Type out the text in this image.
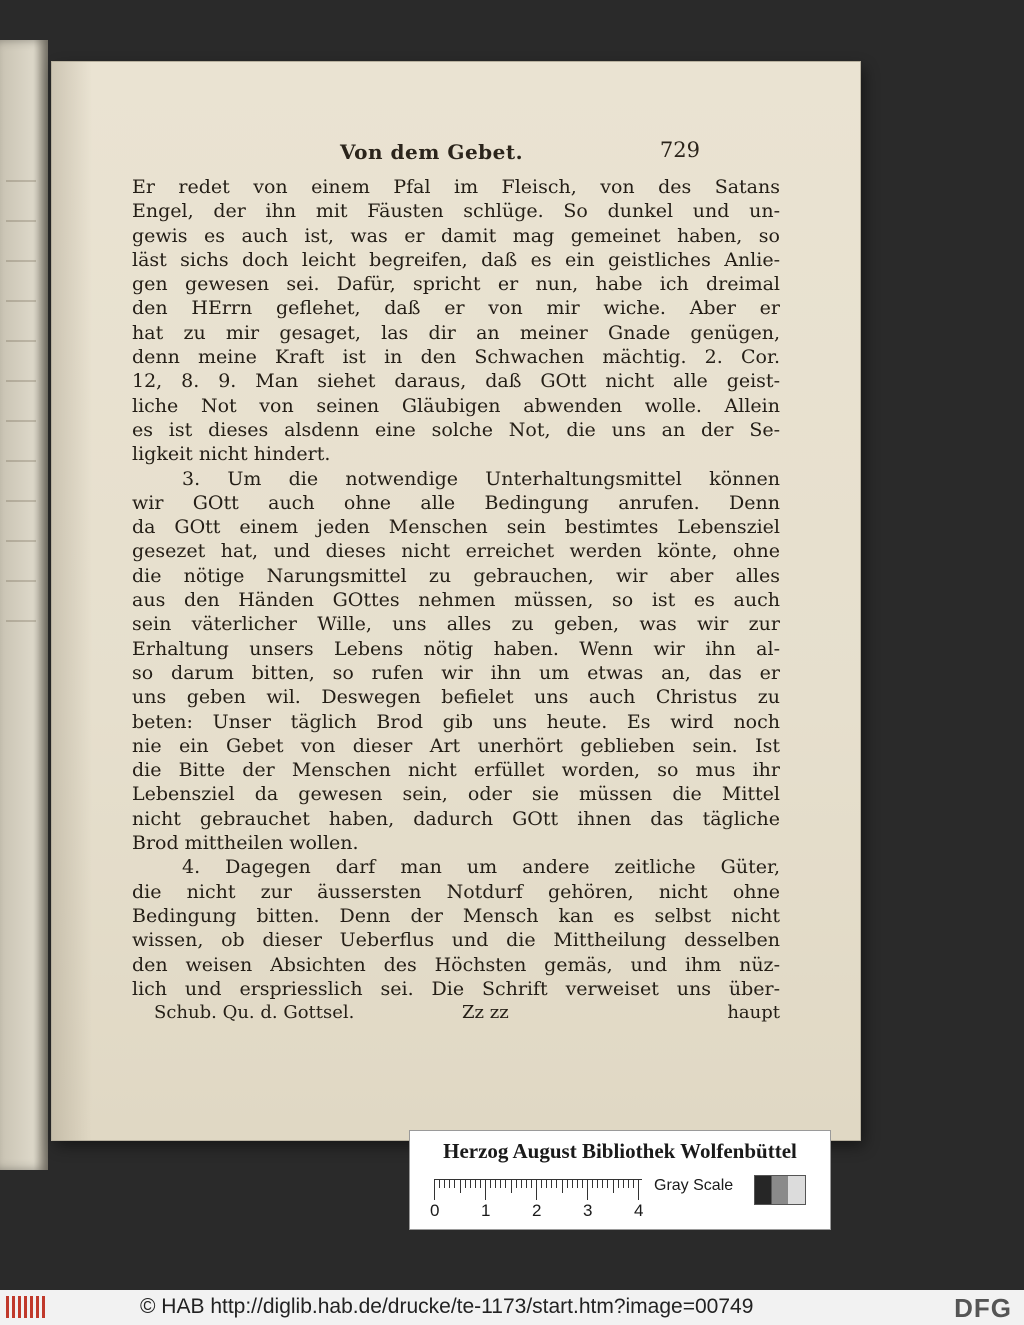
Von dem Gebet.	729
Er redet von einem Pfal im Fleisch, von des Satans
Engel, der ihn mit Fäusten schlüge. So dunkel und un-
gewis es auch ist, was er damit mag gemeinet haben, so
läst sichs doch leicht begreifen, daß es ein geistliches Anlie-
gen gewesen sei. Dafür, spricht er nun, habe ich dreimal
den HErrn geflehet, daß er von mir wiche. Aber er
hat zu mir gesaget, las dir an meiner Gnade genügen,
denn meine Kraft ist in den Schwachen mächtig. 2. Cor.
12, 8. 9. Man siehet daraus, daß GOtt nicht alle geist-
liche Not von seinen Gläubigen abwenden wolle. Allein
es ist dieses alsdenn eine solche Not, die uns an der Se-
ligkeit nicht hindert.
3. Um die notwendige Unterhaltungsmittel können
wir GOtt auch ohne alle Bedingung anrufen. Denn
da GOtt einem jeden Menschen sein bestimtes Lebensziel
gesezet hat, und dieses nicht erreichet werden könte, ohne
die nötige Narungsmittel zu gebrauchen, wir aber alles
aus den Händen GOttes nehmen müssen, so ist es auch
sein väterlicher Wille, uns alles zu geben, was wir zur
Erhaltung unsers Lebens nötig haben. Wenn wir ihn al-
so darum bitten, so rufen wir ihn um etwas an, das er
uns geben wil. Deswegen befielet uns auch Christus zu
beten: Unser täglich Brod gib uns heute. Es wird noch
nie ein Gebet von dieser Art unerhört geblieben sein. Ist
die Bitte der Menschen nicht erfüllet worden, so mus ihr
Lebensziel da gewesen sein, oder sie müssen die Mittel
nicht gebrauchet haben, dadurch GOtt ihnen das tägliche
Brod mittheilen wollen.
4. Dagegen darf man um andere zeitliche Güter,
die nicht zur äussersten Notdurf gehören, nicht ohne
Bedingung bitten. Denn der Mensch kan es selbst nicht
wissen, ob dieser Ueberflus und die Mittheilung desselben
den weisen Absichten des Höchsten gemäs, und ihm nüz-
lich und erspriesslich sei. Die Schrift verweiset uns über-
Schub. Qu. d. Gottsel.	Zz zz	haupt
Herzog August Bibliothek Wolfenbüttel
0 1 2 3 4
Gray Scale
© HAB http://diglib.hab.de/drucke/te-1173/start.htm?image=00749	DFG
